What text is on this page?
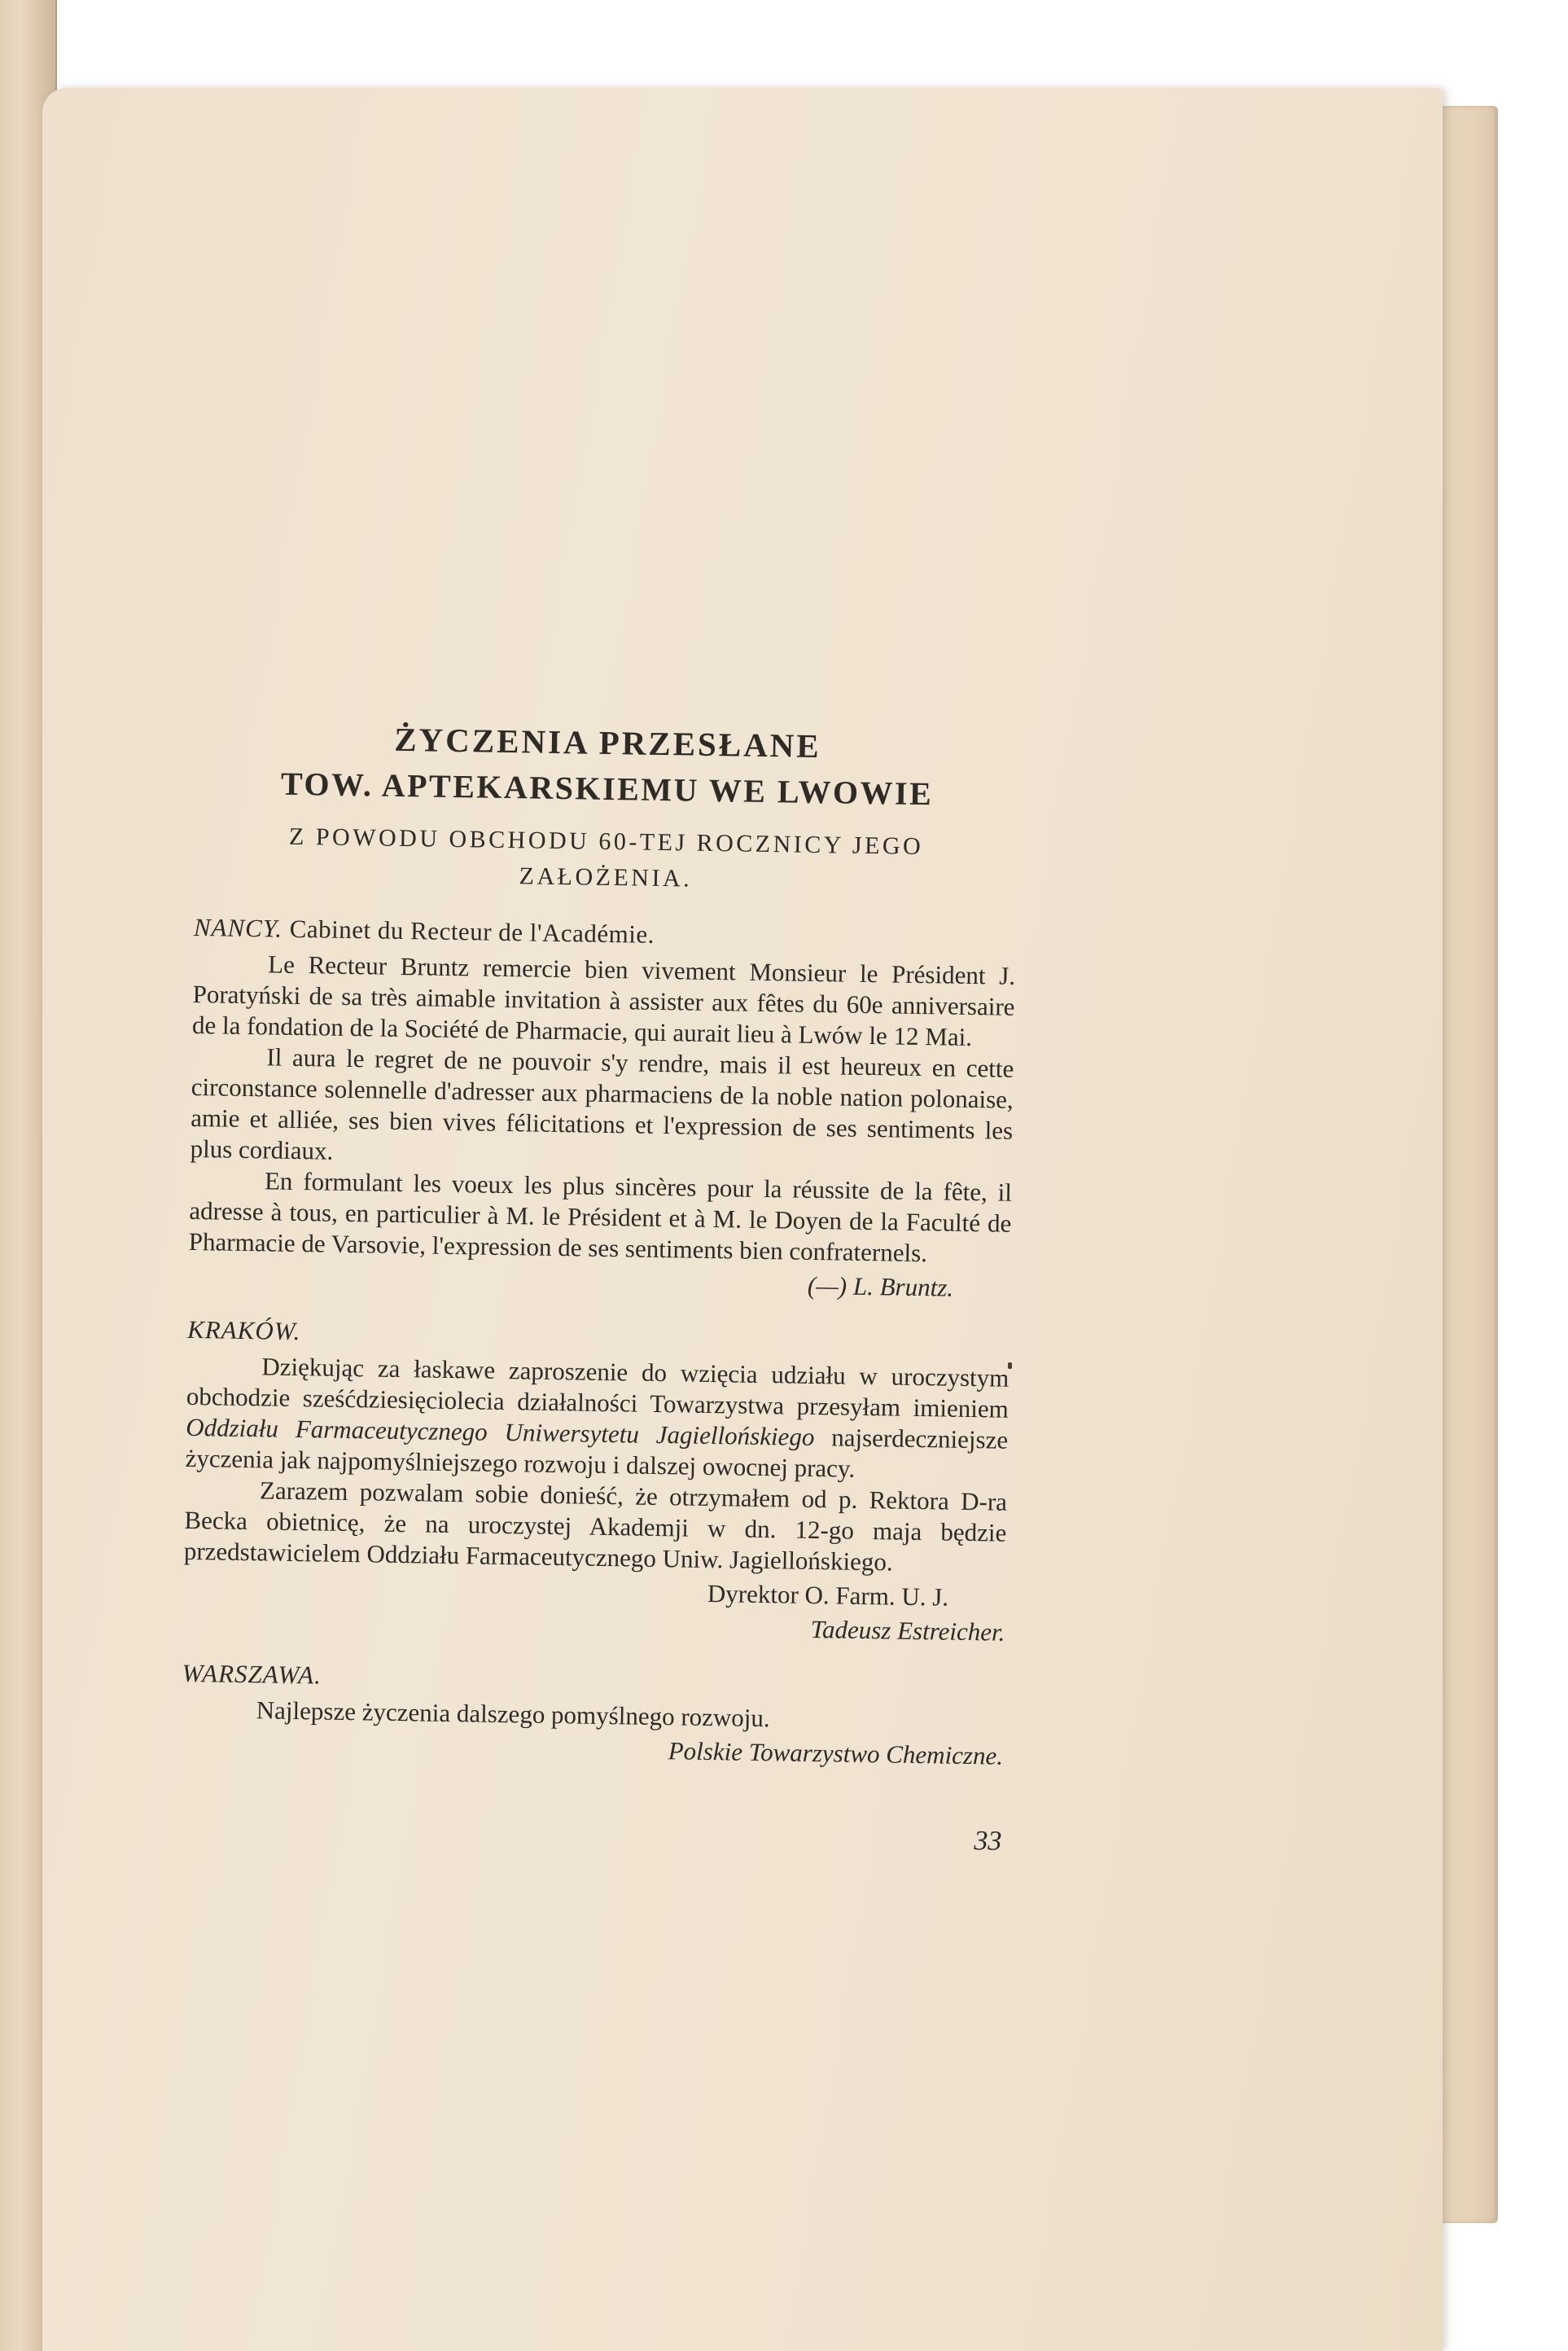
ŻYCZENIA PRZESŁANE
TOW. APTEKARSKIEMU WE LWOWIE
Z POWODU OBCHODU 60-TEJ ROCZNICY JEGO ZAŁOŻENIA.
NANCY. Cabinet du Recteur de l'Académie.

Le Recteur Bruntz remercie bien vivement Monsieur le Président J. Poratyński de sa très aimable invitation à assister aux fêtes du 60e anniversaire de la fondation de la Société de Pharmacie, qui aurait lieu à Lwów le 12 Mai.

Il aura le regret de ne pouvoir s'y rendre, mais il est heureux en cette circonstance solennelle d'adresser aux pharmaciens de la noble nation polonaise, amie et alliée, ses bien vives félicitations et l'expression de ses sentiments les plus cordiaux.

En formulant les voeux les plus sincères pour la réussite de la fête, il adresse à tous, en particulier à M. le Président et à M. le Doyen de la Faculté de Pharmacie de Varsovie, l'expression de ses sentiments bien confraternels.

(—) L. Bruntz.
KRAKÓW.

Dziękując za łaskawe zaproszenie do wzięcia udziału w uroczystym obchodzie sześćdziesięciolecia działalności Towarzystwa przesyłam imieniem Oddziału Farmaceutycznego Uniwersytetu Jagiellońskiego najserdeczniejsze życzenia jak najpomyślniejszego rozwoju i dalszej owocnej pracy.

Zarazem pozwalam sobie donieść, że otrzymałem od p. Rektora D-ra Becka obietnicę, że na uroczystej Akademji w dn. 12-go maja będzie przedstawicielem Oddziału Farmaceutycznego Uniw. Jagiellońskiego.

Dyrektor O. Farm. U. J.
Tadeusz Estreicher.
WARSZAWA.

Najlepsze życzenia dalszego pomyślnego rozwoju.

Polskie Towarzystwo Chemiczne.
33
